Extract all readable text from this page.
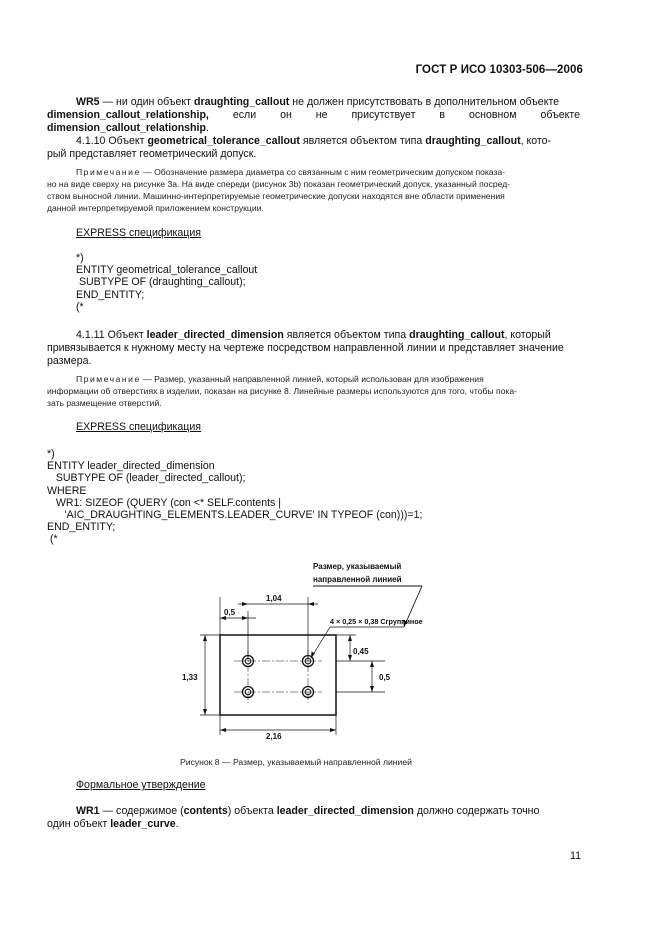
ГОСТ Р ИСО 10303-506—2006
WR5 — ни один объект draughting_callout не должен присутствовать в дополнительном объекте
dimension_callout_relationship, если он не присутствует в основном объекте
dimension_callout_relationship.
4.1.10 Объект geometrical_tolerance_callout является объектом типа draughting_callout, кото-
рый представляет геометрический допуск.
Примечание — Обозначение размера диаметра со связанным с ним геометрическим допуском показа-
но на виде сверху на рисунке 3а. На виде спереди (рисунок 3b) показан геометрический допуск, указанный посред-
ством выносной линии. Машинно-интерпретируемые геометрические допуски находятся вне области применения
данной интерпретируемой приложением конструкции.
EXPRESS спецификация
*)
ENTITY geometrical_tolerance_callout
SUBTYPE OF (draughting_callout);
END_ENTITY;
(*
4.1.11 Объект leader_directed_dimension является объектом типа draughting_callout, который
привязывается к нужному месту на чертеже посредством направленной линии и представляет значение
размера.
Примечание — Размер, указанный направленной линией, который использован для изображения
информации об отверстиях в изделии, показан на рисунке 8. Линейные размеры используются для того, чтобы пока-
зать размещение отверстий.
EXPRESS спецификация
*)
ENTITY leader_directed_dimension
SUBTYPE OF (leader_directed_callout);
WHERE
WR1: SIZEOF (QUERY (con <* SELF.contents |
'AIC_DRAUGHTING_ELEMENTS.LEADER_CURVE' IN TYPEOF (con)))=1;
END_ENTITY;
(*
Размер, указываемый
направленной линией
1,04
0,5
4 × 0,25 × 0,38 Сгруппиное
0,45
0,5
1,33
2,16
Рисунок 8 — Размер, указываемый направленной линией
Формальное утверждение
WR1 — содержимое (contents) объекта leader_directed_dimension должно содержать точно
один объект leader_curve.
11
